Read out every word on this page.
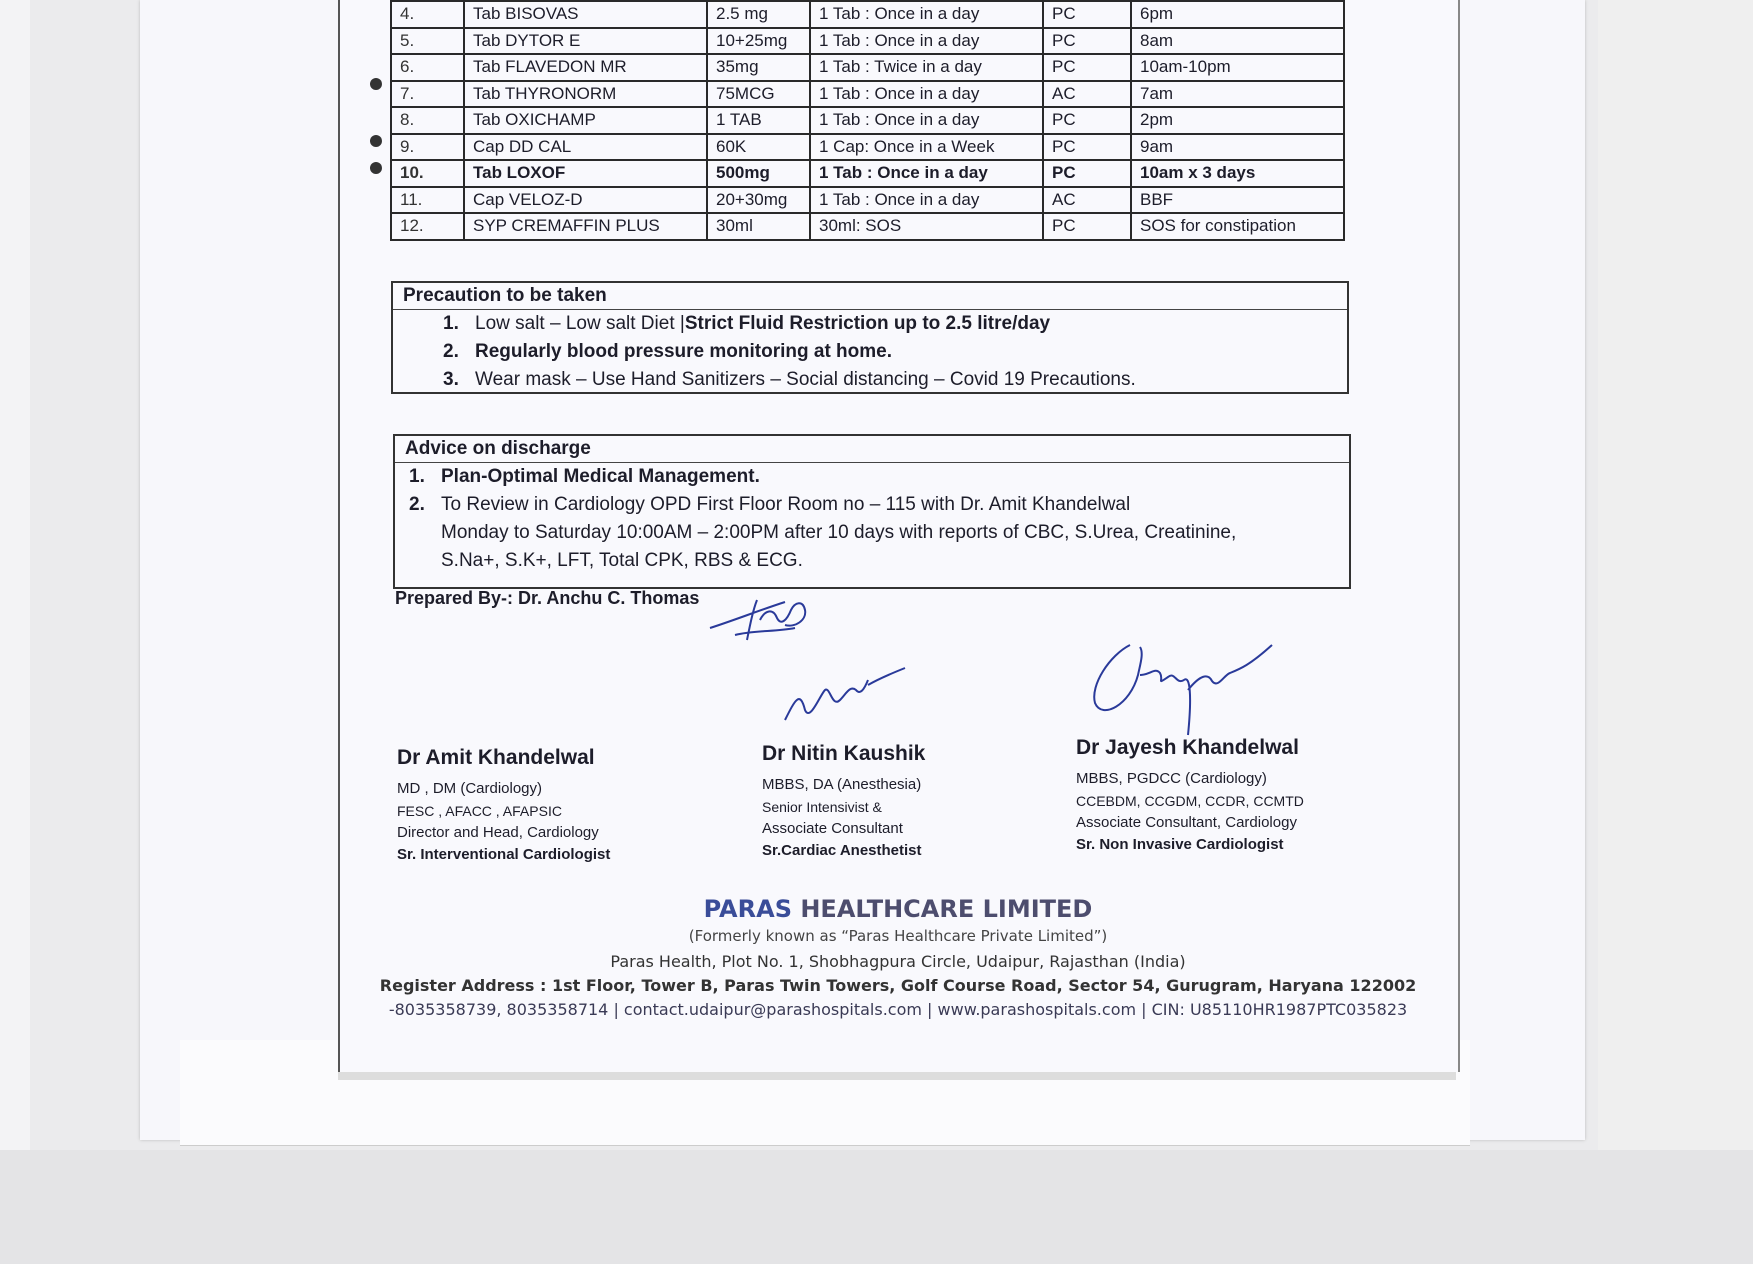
4.	Tab BISOVAS	2.5 mg	1 Tab : Once in a day	PC	6pm
5.	Tab DYTOR E	10+25mg	1 Tab : Once in a day	PC	8am
6.	Tab FLAVEDON MR	35mg	1 Tab : Twice in a day	PC	10am-10pm
7.	Tab THYRONORM	75MCG	1 Tab : Once in a day	AC	7am
8.	Tab OXICHAMP	1 TAB	1 Tab : Once in a day	PC	2pm
9.	Cap DD CAL	60K	1 Cap: Once in a Week	PC	9am
10.	Tab LOXOF	500mg	1 Tab : Once in a day	PC	10am x 3 days
11.	Cap VELOZ-D	20+30mg	1 Tab : Once in a day	AC	BBF
12.	SYP CREMAFFIN PLUS	30ml	30ml: SOS	PC	SOS for constipation
Precaution to be taken
1. Low salt – Low salt Diet |Strict Fluid Restriction up to 2.5 litre/day
2. Regularly blood pressure monitoring at home.
3. Wear mask – Use Hand Sanitizers – Social distancing – Covid 19 Precautions.
Advice on discharge
1. Plan-Optimal Medical Management.
2. To Review in Cardiology OPD First Floor Room no – 115 with Dr. Amit Khandelwal
Monday to Saturday 10:00AM – 2:00PM after 10 days with reports of CBC, S.Urea, Creatinine,
S.Na+, S.K+, LFT, Total CPK, RBS & ECG.
Prepared By-: Dr. Anchu C. Thomas
Dr Amit Khandelwal
MD , DM (Cardiology)
FESC , AFACC , AFAPSIC
Director and Head, Cardiology
Sr. Interventional Cardiologist
Dr Nitin Kaushik
MBBS, DA (Anesthesia)
Senior Intensivist &
Associate Consultant
Sr.Cardiac Anesthetist
Dr Jayesh Khandelwal
MBBS, PGDCC (Cardiology)
CCEBDM, CCGDM, CCDR, CCMTD
Associate Consultant, Cardiology
Sr. Non Invasive Cardiologist
PARAS HEALTHCARE LIMITED
(Formerly known as “Paras Healthcare Private Limited”)
Paras Health, Plot No. 1, Shobhagpura Circle, Udaipur, Rajasthan (India)
Register Address : 1st Floor, Tower B, Paras Twin Towers, Golf Course Road, Sector 54, Gurugram, Haryana 122002
-8035358739, 8035358714 | contact.udaipur@parashospitals.com | www.parashospitals.com | CIN: U85110HR1987PTC035823
